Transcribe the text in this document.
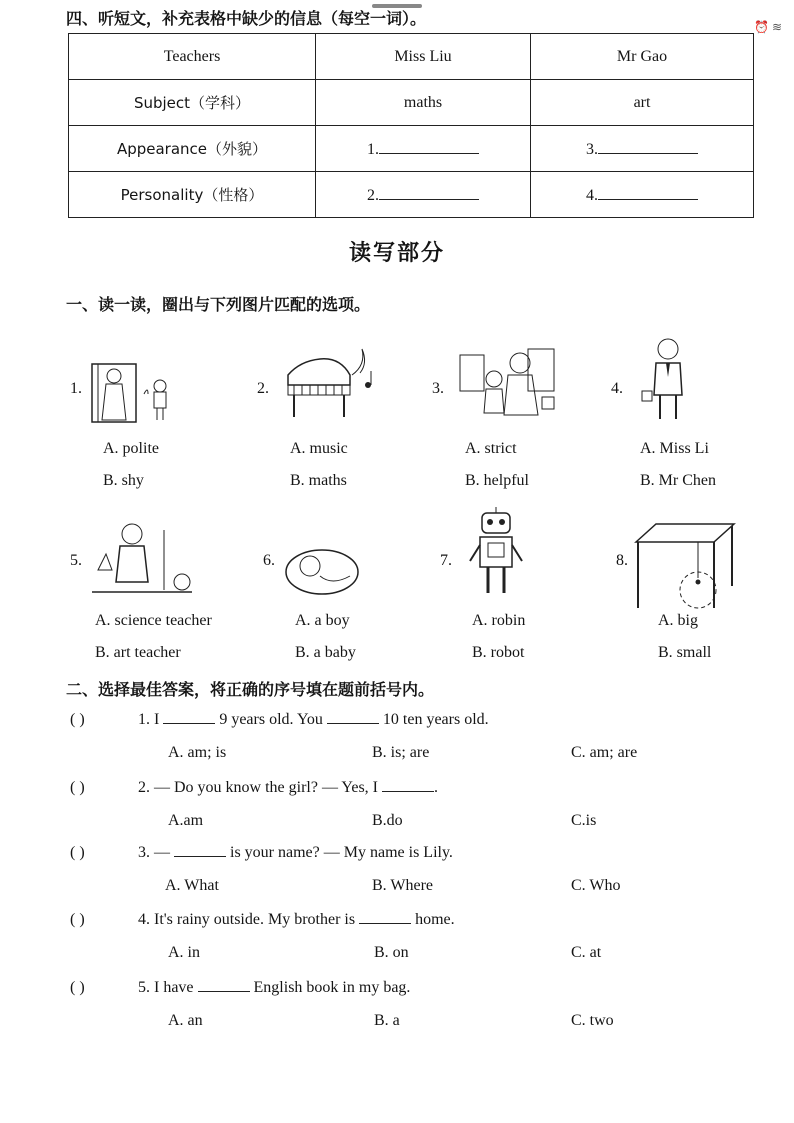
⏰ ≋
四、听短文，补充表格中缺少的信息（每空一词）。
Teachers	Miss Liu	Mr Gao
Subject（学科）	maths	art
Appearance（外貌）	1.	3.
Personality（性格）	2.	4.
读写部分
一、读一读，圈出与下列图片匹配的选项。
1.
A. polite
B. shy
2.
A. music
B. maths
3.
A. strict
B. helpful
4.
A. Miss Li
B. Mr Chen
5.
A. science teacher
B. art teacher
6.
A. a boy
B. a baby
7.
A. robin
B. robot
8.
A. big
B. small
二、选择最佳答案，将正确的序号填在题前括号内。
( )	1. I	9 years old. You	10 ten years old.
A. am; is	B. is; are	C. am; are
( )	2. — Do you know the girl? — Yes, I	.
A.am	B.do	C.is
( )	3. —	is your name? — My name is Lily.
A. What	B. Where	C. Who
( )	4. It's rainy outside. My brother is	home.
A. in	B. on	C. at
( )	5. I have	English book in my bag.
A. an	B. a	C. two
